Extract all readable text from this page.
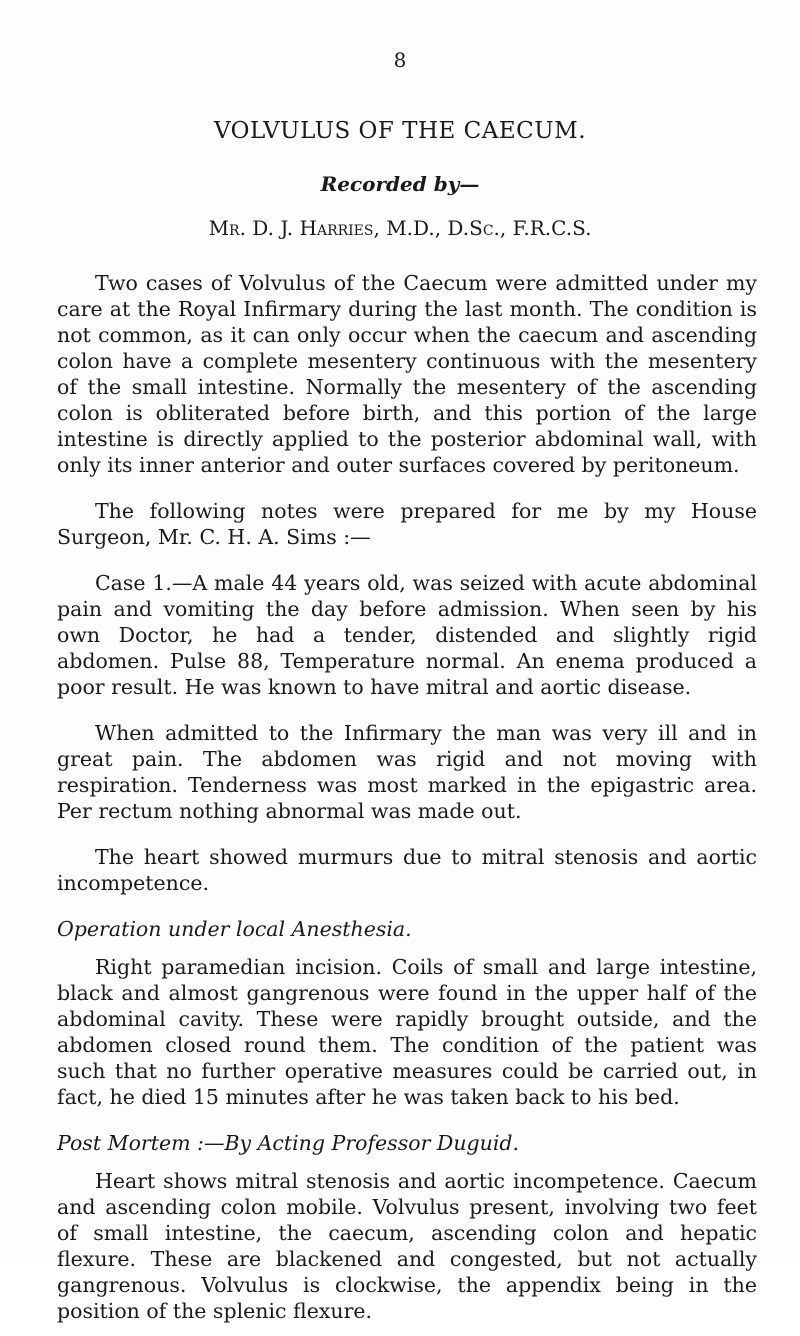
8
VOLVULUS OF THE CAECUM.
Recorded by—
Mr. D. J. Harries, M.D., D.Sc., F.R.C.S.

Two cases of Volvulus of the Caecum were admitted under my care at the Royal Infirmary during the last month. The condition is not common, as it can only occur when the caecum and ascending colon have a complete mesentery continuous with the mesentery of the small intestine. Normally the mesentery of the ascending colon is obliterated before birth, and this portion of the large intestine is directly applied to the posterior abdominal wall, with only its inner anterior and outer surfaces covered by peritoneum.

The following notes were prepared for me by my House Surgeon, Mr. C. H. A. Sims :—

Case 1.—A male 44 years old, was seized with acute abdominal pain and vomiting the day before admission. When seen by his own Doctor, he had a tender, distended and slightly rigid abdomen. Pulse 88, Temperature normal. An enema produced a poor result. He was known to have mitral and aortic disease.

When admitted to the Infirmary the man was very ill and in great pain. The abdomen was rigid and not moving with respiration. Tenderness was most marked in the epigastric area. Per rectum nothing abnormal was made out.

The heart showed murmurs due to mitral stenosis and aortic incompetence.

Operation under local Anesthesia.

Right paramedian incision. Coils of small and large intestine, black and almost gangrenous were found in the upper half of the abdominal cavity. These were rapidly brought outside, and the abdomen closed round them. The condition of the patient was such that no further operative measures could be carried out, in fact, he died 15 minutes after he was taken back to his bed.

Post Mortem :—By Acting Professor Duguid.

Heart shows mitral stenosis and aortic incompetence. Caecum and ascending colon mobile. Volvulus present, involving two feet of small intestine, the caecum, ascending colon and hepatic flexure. These are blackened and congested, but not actually gangrenous. Volvulus is clockwise, the appendix being in the position of the splenic flexure.
